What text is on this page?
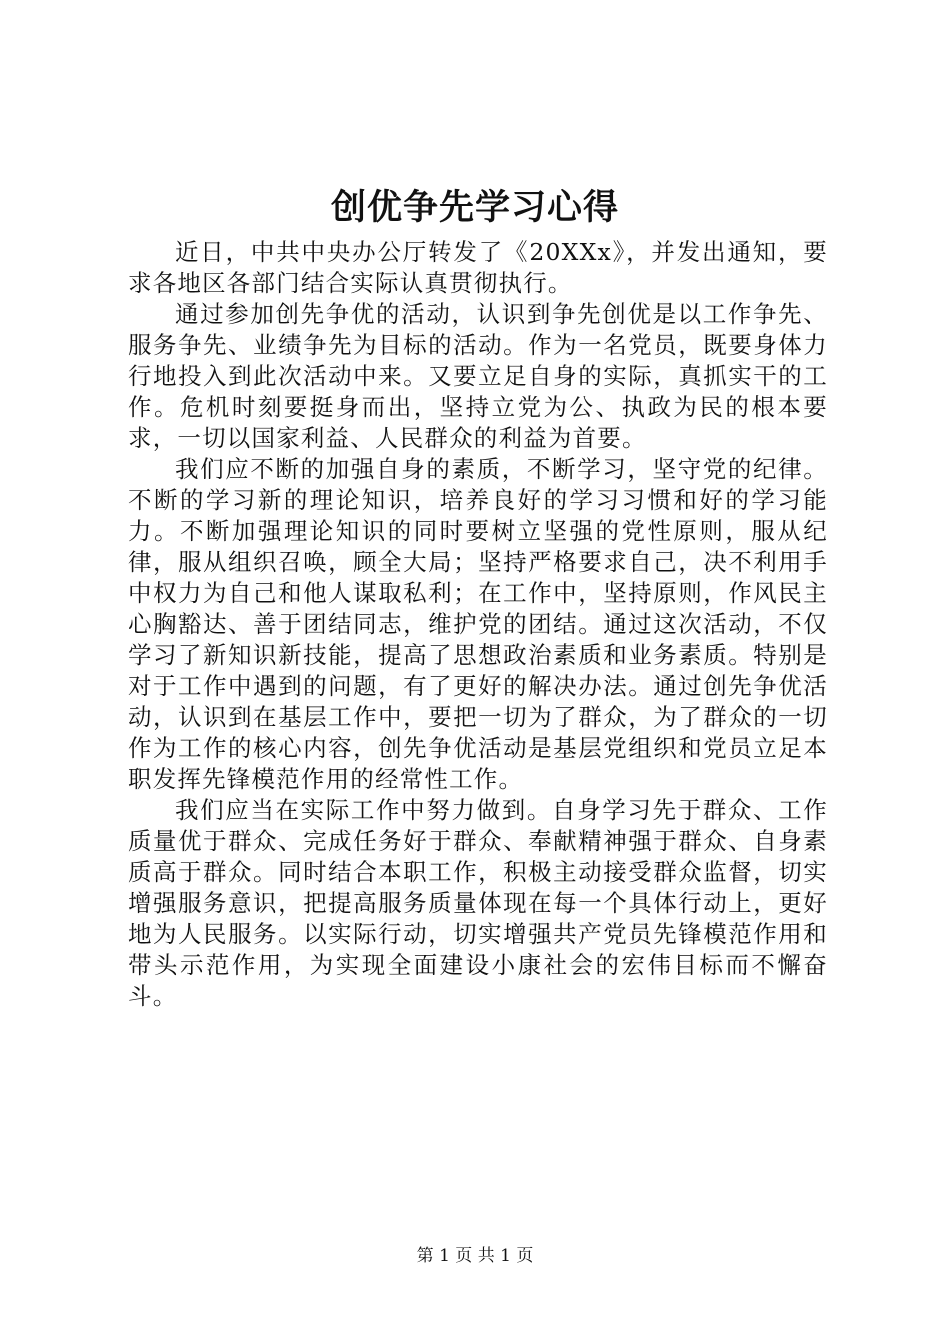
创优争先学习心得

近日，中共中央办公厅转发了《20XXx》，并发出通知，要求各地区各部门结合实际认真贯彻执行。

通过参加创先争优的活动，认识到争先创优是以工作争先、服务争先、业绩争先为目标的活动。作为一名党员，既要身体力行地投入到此次活动中来。又要立足自身的实际，真抓实干的工作。危机时刻要挺身而出，坚持立党为公、执政为民的根本要求，一切以国家利益、人民群众的利益为首要。

我们应不断的加强自身的素质，不断学习，坚守党的纪律。不断的学习新的理论知识，培养良好的学习习惯和好的学习能力。不断加强理论知识的同时要树立坚强的党性原则，服从纪律，服从组织召唤，顾全大局；坚持严格要求自己，决不利用手中权力为自己和他人谋取私利；在工作中，坚持原则，作风民主心胸豁达、善于团结同志，维护党的团结。通过这次活动，不仅学习了新知识新技能，提高了思想政治素质和业务素质。特别是对于工作中遇到的问题，有了更好的解决办法。通过创先争优活动，认识到在基层工作中，要把一切为了群众，为了群众的一切作为工作的核心内容，创先争优活动是基层党组织和党员立足本职发挥先锋模范作用的经常性工作。

我们应当在实际工作中努力做到。自身学习先于群众、工作质量优于群众、完成任务好于群众、奉献精神强于群众、自身素质高于群众。同时结合本职工作，积极主动接受群众监督，切实增强服务意识，把提高服务质量体现在每一个具体行动上，更好地为人民服务。以实际行动，切实增强共产党员先锋模范作用和带头示范作用，为实现全面建设小康社会的宏伟目标而不懈奋斗。

第 1 页 共 1 页
